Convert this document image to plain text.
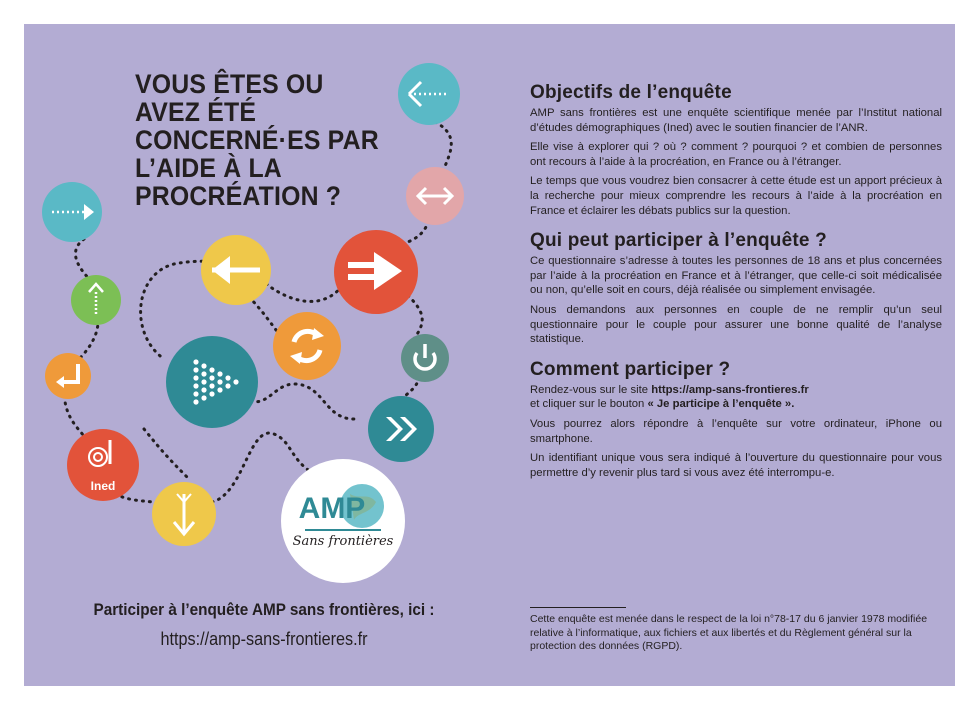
Ined
AMP
Sans frontières
VOUS ÊTES OU AVEZ ÉTÉ CONCERNÉ·ES PAR L’AIDE À LA PROCRÉATION ?
Participer à l’enquête AMP sans frontières, ici :
https://amp-sans-frontieres.fr
Objectifs de l’enquête

AMP sans frontières est une enquête scientifique menée par l’Institut national d’études démographiques (Ined) avec le soutien financier de l’ANR.

Elle vise à explorer qui ? où ? comment ? pourquoi ? et combien de personnes ont recours à l’aide à la procréation, en France ou à l’étranger.

Le temps que vous voudrez bien consacrer à cette étude est un apport précieux à la recherche pour mieux comprendre les recours à l’aide à la procréation en France et éclairer les débats publics sur la question.

Qui peut participer à l’enquête ?

Ce questionnaire s’adresse à toutes les personnes de 18 ans et plus concernées par l’aide à la procréation en France et à l’étranger, que celle-ci soit médicalisée ou non, qu’elle soit en cours, déjà réalisée ou simplement envisagée.

Nous demandons aux personnes en couple de ne remplir qu’un seul questionnaire pour le couple pour assurer une bonne qualité de l’analyse statistique.

Comment participer ?

Rendez-vous sur le site https://amp-sans-frontieres.fr
et cliquer sur le bouton « Je participe à l’enquête ».

Vous pourrez alors répondre à l’enquête sur votre ordinateur, iPhone ou smartphone.

Un identifiant unique vous sera indiqué à l’ouverture du questionnaire pour vous permettre d’y revenir plus tard si vous avez été interrompu-e.

Cette enquête est menée dans le respect de la loi n°78-17 du 6 janvier 1978 modifiée relative à l’informatique, aux fichiers et aux libertés et du Règlement général sur la protection des données (RGPD).
